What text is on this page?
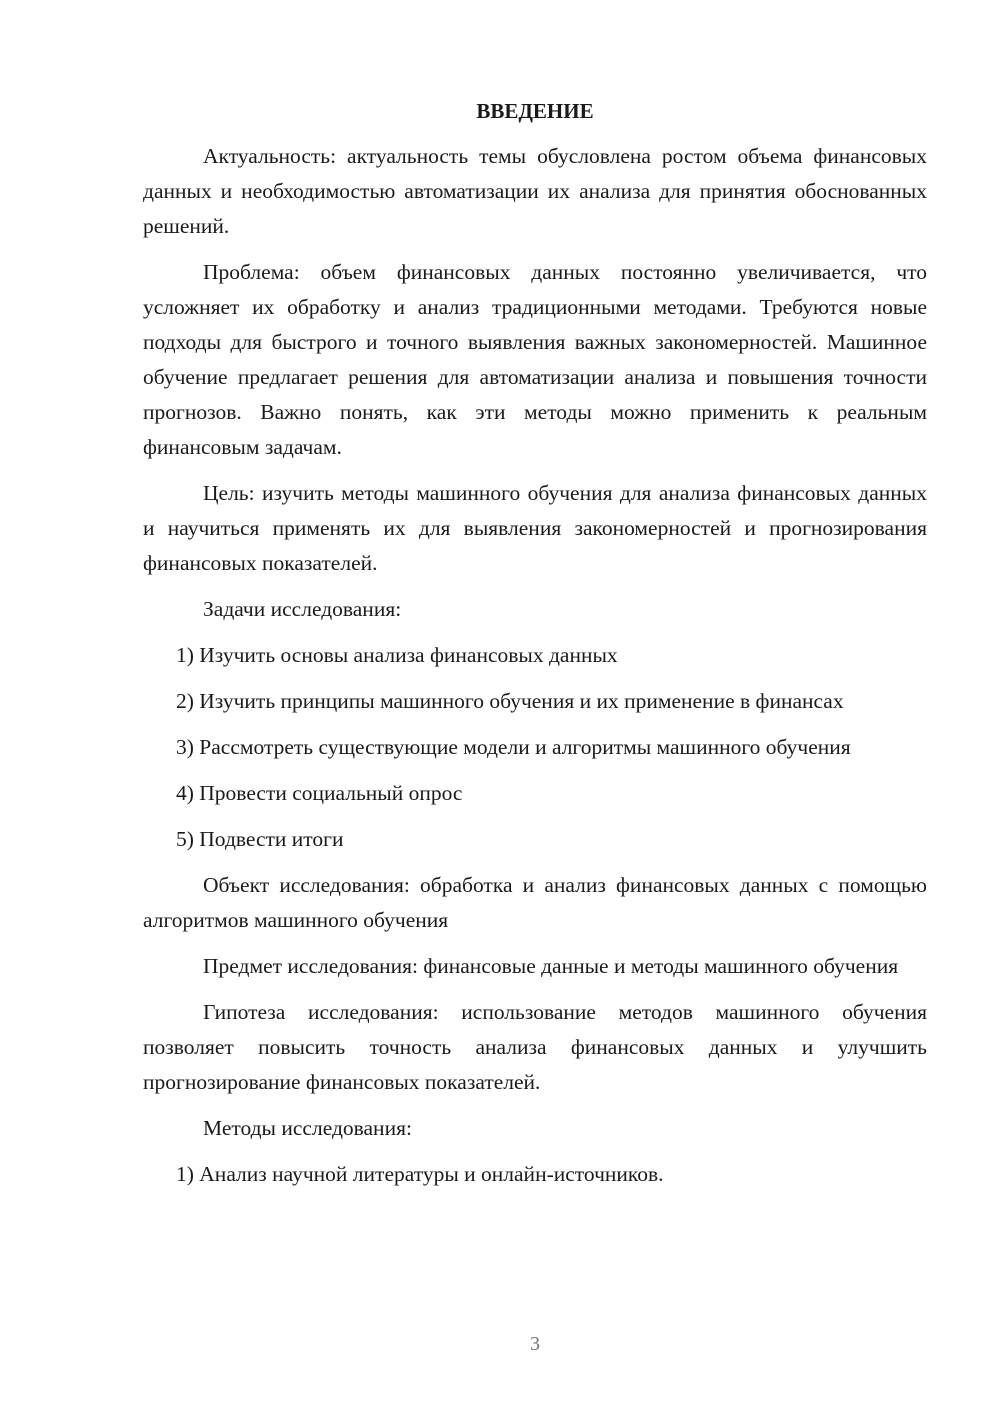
ВВЕДЕНИЕ

Актуальность: актуальность темы обусловлена ростом объема финансовых данных и необходимостью автоматизации их анализа для принятия обоснованных решений.

Проблема: объем финансовых данных постоянно увеличивается, что усложняет их обработку и анализ традиционными методами. Требуются новые подходы для быстрого и точного выявления важных закономерностей. Машинное обучение предлагает решения для автоматизации анализа и повышения точности прогнозов. Важно понять, как эти методы можно применить к реальным финансовым задачам.

Цель: изучить методы машинного обучения для анализа финансовых данных и научиться применять их для выявления закономерностей и прогнозирования финансовых показателей.

Задачи исследования:

1) Изучить основы анализа финансовых данных

2) Изучить принципы машинного обучения и их применение в финансах

3) Рассмотреть существующие модели и алгоритмы машинного обучения

4) Провести социальный опрос

5) Подвести итоги

Объект исследования: обработка и анализ финансовых данных с помощью алгоритмов машинного обучения

Предмет исследования: финансовые данные и методы машинного обучения

Гипотеза исследования: использование методов машинного обучения позволяет повысить точность анализа финансовых данных и улучшить прогнозирование финансовых показателей.

Методы исследования:

1) Анализ научной литературы и онлайн-источников.

3
